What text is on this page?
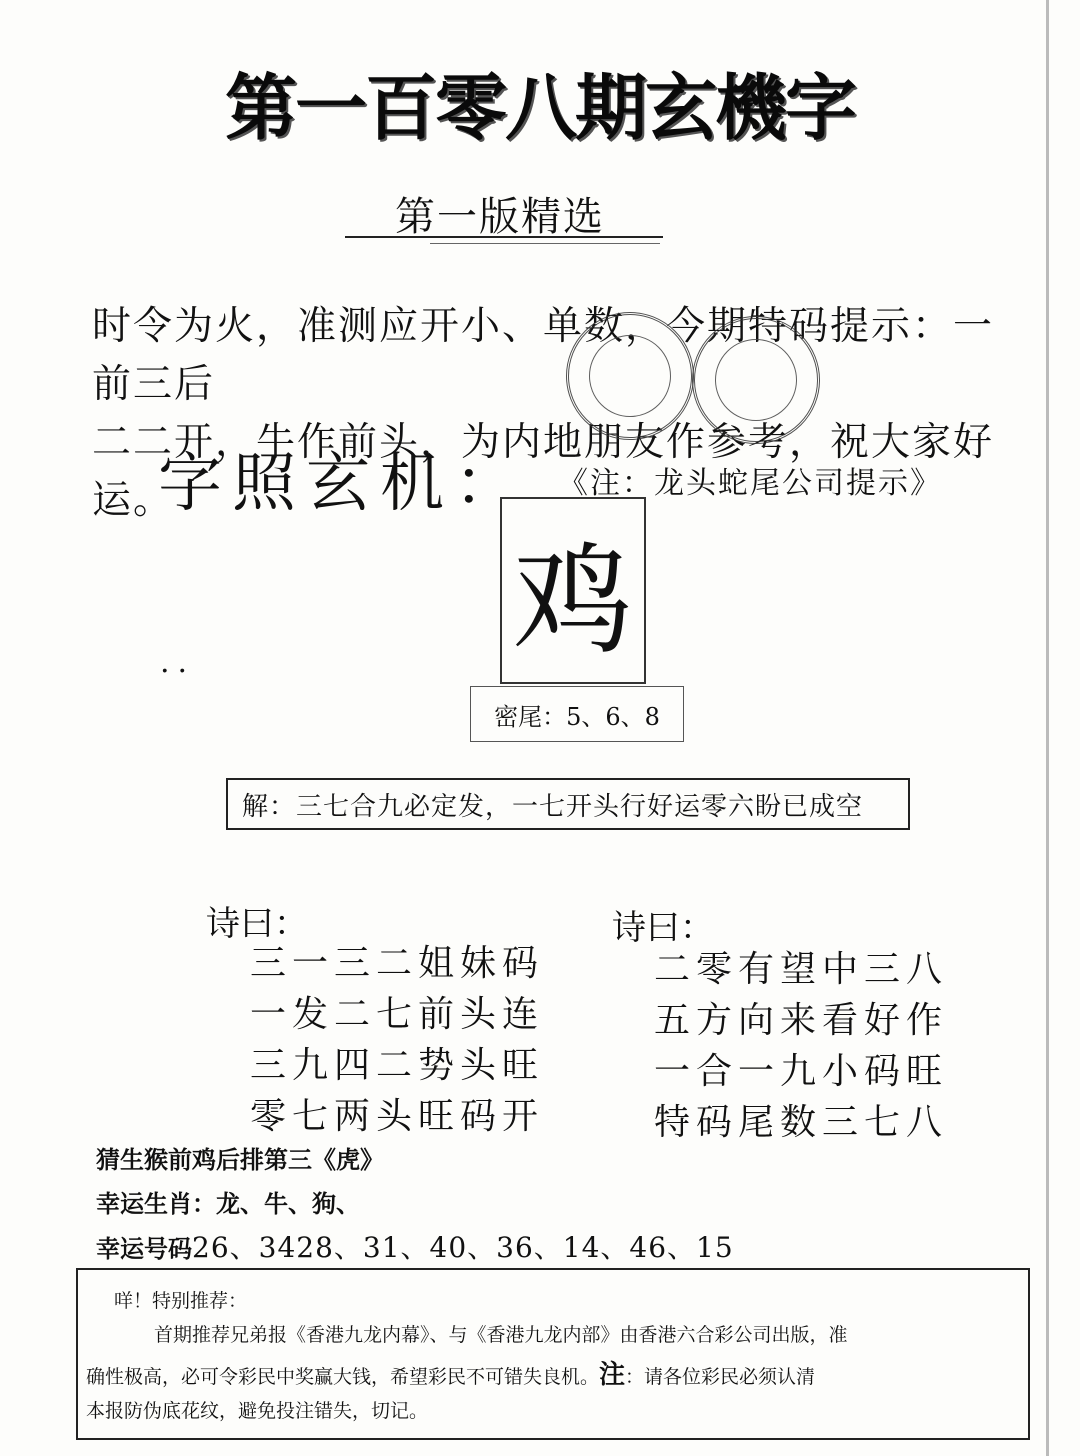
第一百零八期玄機字
第一版精选
时令为火，准测应开小、单数，今期特码提示：一前三后
二二开，牛作前头，为内地朋友作参考，祝大家好运。
字照玄机： 《注：龙头蛇尾公司提示》
鸡
..
密尾：5、6、8
解：三七合九必定发，一七开头行好运零六盼已成空
诗曰：
三一三二姐妹码
一发二七前头连
三九四二势头旺
零七两头旺码开
诗曰：
二零有望中三八
五方向来看好作
一合一九小码旺
特码尾数三七八
猜生猴前鸡后排第三《虎》
幸运生肖：龙、牛、狗、
幸运号码26、3428、31、40、36、14、46、15
咩！特别推荐：
首期推荐兄弟报《香港九龙内幕》、与《香港九龙内部》由香港六合彩公司出版，准
确性极高，必可令彩民中奖赢大钱，希望彩民不可错失良机。注：请各位彩民必须认清
本报防伪底花纹，避免投注错失，切记。
